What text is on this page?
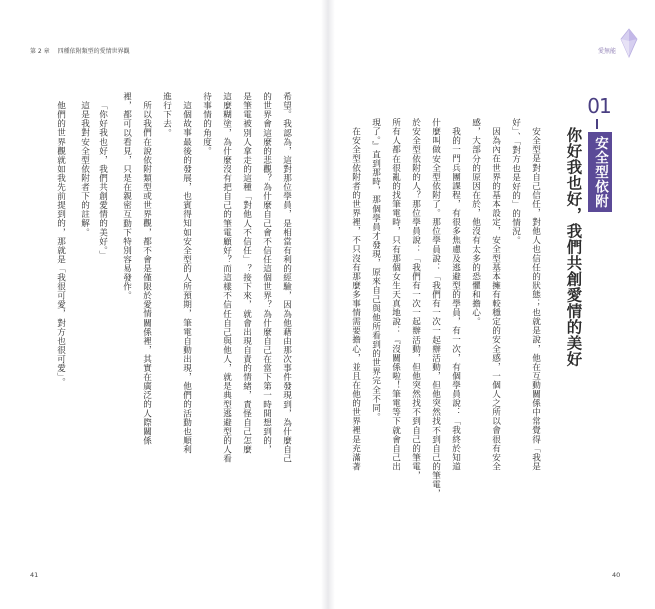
第 2 章 四種依附類型的愛情世界觀
希望。我認為，這對那位學員，是相當有利的經驗，因為他藉由那次事件發現到，為什麼自己
的世界會這麼的悲觀？為什麼自己會不信任這個世界？為什麼自己在當下第一時間想到的，
是筆電被別人拿走的這種「對他人不信任」？接下來，就會出現自責的情緒，責怪自己怎麼
這麼糊塗，為什麼沒有把自己的筆電顧好？而這樣不信任自己與他人，就是典型逃避型的人看
待事情的角度。
這個故事最後的發展，也賓得知如安全型的人所預期，筆電自動出現，他們的活動也順利
進行下去。
所以我們在說依附類型或世界觀，都不會是僅限於愛情關係裡，其實在廣泛的人際關係
裡，都可以看見，只是在親密互動下特別容易發作。
「你好我也好，我們共創愛情的美好。」
這是我對安全型依附者下的註解。
他們的世界觀就如我先前提到的，那就是「我很可愛，對方也很可愛」。
41
愛無能
01
安全型依附
你好我也好，我們共創愛情的美好
安全型是對自己信任，對他人也信任的狀態；也就是說，他在互動關係中常覺得「我是
好」、「對方也是好的」的情況。
因為內在世界的基本設定，安全型基本擁有較穩定的安全感，一個人之所以會很有安全
感，大部分的原因在於，他沒有太多的恐懼和擔心。
我的一門兵團課程，有很多焦慮及逃避型的學員，有一次，有個學員說：「我終於知道
什麼叫做安全型依附了。那位學員說：「我們有一次一起辦活動，但他突然找不到自己的筆電，
於安全型依附的人？那位學員說：「我們有一次一起辦活動，但他突然找不到自己的筆電，
所有人都在很亂的找筆電時，只有那個女生天真地說：『沒關係啦！筆電等下就會自己出
現了。』直到那時，那個學員才發現，原來自己與他所看到的世界完全不同。
在安全型依附者的世界裡，不只沒有那麼多事情需要擔心，並且在他的世界裡是充滿著
40
